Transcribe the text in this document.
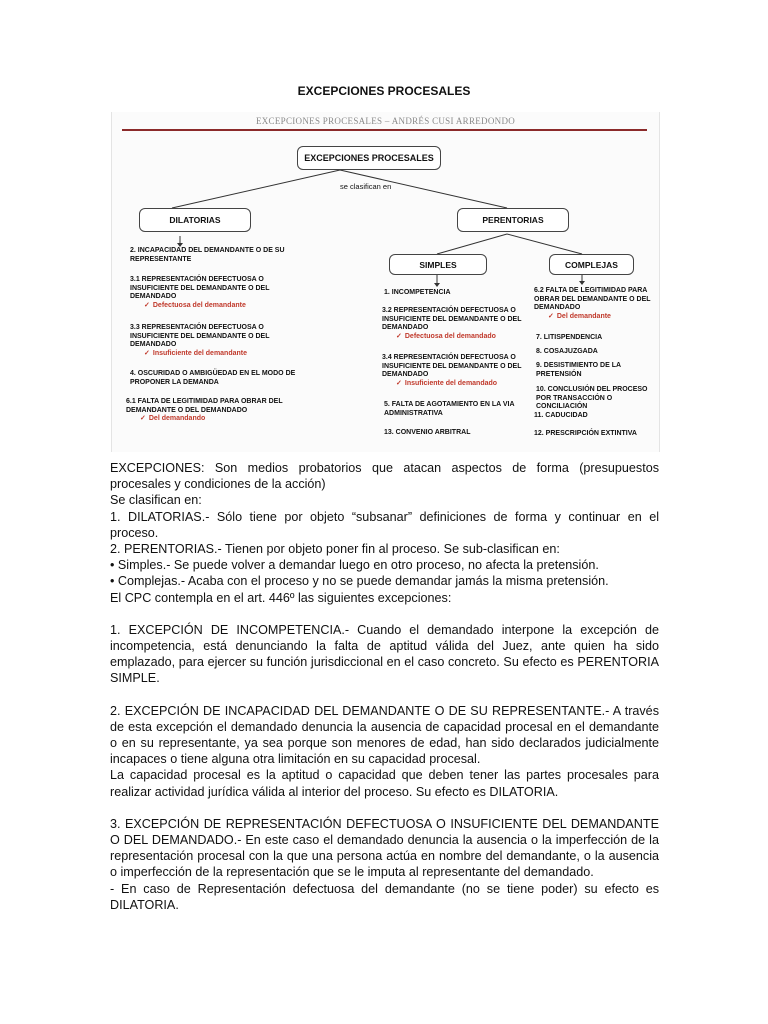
EXCEPCIONES PROCESALES
EXCEPCIONES PROCESALES – ANDRÉS CUSI ARREDONDO
EXCEPCIONES PROCESALES
se clasifican en
DILATORIAS	PERENTORIAS
SIMPLES	COMPLEJAS
2. INCAPACIDAD DEL DEMANDANTE O DE SU REPRESENTANTE
3.1 REPRESENTACIÓN DEFECTUOSA O INSUFICIENTE DEL DEMANDANTE O DEL DEMANDADO
✓ Defectuosa del demandante
3.3 REPRESENTACIÓN DEFECTUOSA O INSUFICIENTE DEL DEMANDANTE O DEL DEMANDADO
✓ Insuficiente del demandante
4. OSCURIDAD O AMBIGÜEDAD EN EL MODO DE PROPONER LA DEMANDA
6.1 FALTA DE LEGITIMIDAD PARA OBRAR DEL DEMANDANTE O DEL DEMANDADO
✓ Del demandando
1. INCOMPETENCIA
3.2 REPRESENTACIÓN DEFECTUOSA O INSUFICIENTE DEL DEMANDANTE O DEL DEMANDADO
✓ Defectuosa del demandado
3.4 REPRESENTACIÓN DEFECTUOSA O INSUFICIENTE DEL DEMANDANTE O DEL DEMANDADO
✓ Insuficiente del demandado
5. FALTA DE AGOTAMIENTO EN LA VIA ADMINISTRATIVA
13. CONVENIO ARBITRAL
6.2 FALTA DE LEGITIMIDAD PARA OBRAR DEL DEMANDANTE O DEL DEMANDADO
✓ Del demandante
7. LITISPENDENCIA
8. COSAJUZGADA
9. DESISTIMIENTO DE LA PRETENSIÓN
10. CONCLUSIÓN DEL PROCESO POR TRANSACCIÓN O CONCILIACIÓN
11. CADUCIDAD
12. PRESCRIPCIÓN EXTINTIVA

EXCEPCIONES: Son medios probatorios que atacan aspectos de forma (presupuestos procesales y condiciones de la acción)

Se clasifican en:

1. DILATORIAS.- Sólo tiene por objeto “subsanar” definiciones de forma y continuar en el proceso.

2. PERENTORIAS.- Tienen por objeto poner fin al proceso. Se sub-clasifican en:

• Simples.- Se puede volver a demandar luego en otro proceso, no afecta la pretensión.

• Complejas.- Acaba con el proceso y no se puede demandar jamás la misma pretensión.

El CPC contempla en el art. 446º las siguientes excepciones:

1. EXCEPCIÓN DE INCOMPETENCIA.- Cuando el demandado interpone la excepción de incompetencia, está denunciando la falta de aptitud válida del Juez, ante quien ha sido emplazado, para ejercer su función jurisdiccional en el caso concreto. Su efecto es PERENTORIA SIMPLE.

2. EXCEPCIÓN DE INCAPACIDAD DEL DEMANDANTE O DE SU REPRESENTANTE.- A través de esta excepción el demandado denuncia la ausencia de capacidad procesal en el demandante o en su representante, ya sea porque son menores de edad, han sido declarados judicialmente incapaces o tiene alguna otra limitación en su capacidad procesal.

La capacidad procesal es la aptitud o capacidad que deben tener las partes procesales para realizar actividad jurídica válida al interior del proceso. Su efecto es DILATORIA.

3. EXCEPCIÓN DE REPRESENTACIÓN DEFECTUOSA O INSUFICIENTE DEL DEMANDANTE O DEL DEMANDADO.- En este caso el demandado denuncia la ausencia o la imperfección de la representación procesal con la que una persona actúa en nombre del demandante, o la ausencia o imperfección de la representación que se le imputa al representante del demandado.

- En caso de Representación defectuosa del demandante (no se tiene poder) su efecto es DILATORIA.
